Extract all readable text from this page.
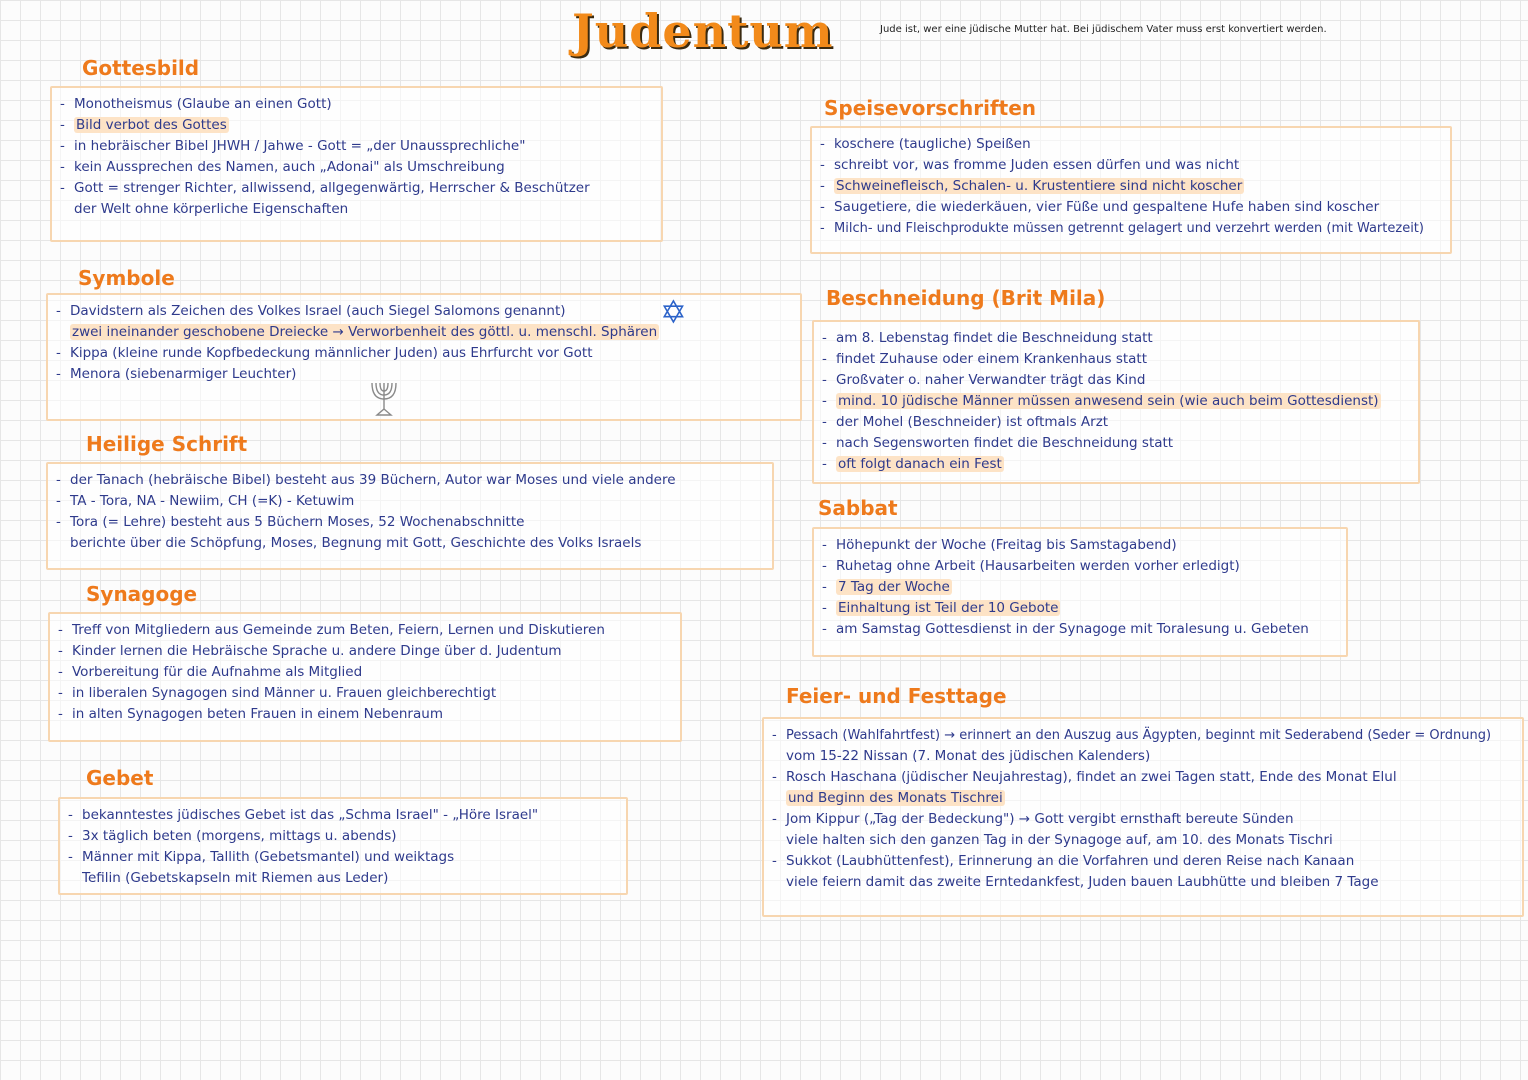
Judentum	Jude ist, wer eine jüdische Mutter hat. Bei jüdischem Vater muss erst konvertiert werden.
Gottesbild
- Monotheismus (Glaube an einen Gott)
- Bild verbot des Gottes
- in hebräischer Bibel JHWH / Jahwe - Gott = „der Unaussprechliche"
- kein Aussprechen des Namen, auch „Adonai" als Umschreibung
- Gott = strenger Richter, allwissend, allgegenwärtig, Herrscher & Beschützer
der Welt ohne körperliche Eigenschaften
Symbole
- Davidstern als Zeichen des Volkes Israel (auch Siegel Salomons genannt)
zwei ineinander geschobene Dreiecke → Verworbenheit des göttl. u. menschl. Sphären
- Kippa (kleine runde Kopfbedeckung männlicher Juden) aus Ehrfurcht vor Gott
- Menora (siebenarmiger Leuchter)
✡
Heilige Schrift
- der Tanach (hebräische Bibel) besteht aus 39 Büchern, Autor war Moses und viele andere
- TA - Tora, NA - Newiim, CH (=K) - Ketuwim
- Tora (= Lehre) besteht aus 5 Büchern Moses, 52 Wochenabschnitte
berichte über die Schöpfung, Moses, Begnung mit Gott, Geschichte des Volks Israels
Synagoge
- Treff von Mitgliedern aus Gemeinde zum Beten, Feiern, Lernen und Diskutieren
- Kinder lernen die Hebräische Sprache u. andere Dinge über d. Judentum
- Vorbereitung für die Aufnahme als Mitglied
- in liberalen Synagogen sind Männer u. Frauen gleichberechtigt
- in alten Synagogen beten Frauen in einem Nebenraum
Gebet
- bekanntestes jüdisches Gebet ist das „Schma Israel" - „Höre Israel"
- 3x täglich beten (morgens, mittags u. abends)
- Männer mit Kippa, Tallith (Gebetsmantel) und weiktags
Tefilin (Gebetskapseln mit Riemen aus Leder)
Speisevorschriften
- koschere (taugliche) Speißen
- schreibt vor, was fromme Juden essen dürfen und was nicht
- Schweinefleisch, Schalen- u. Krustentiere sind nicht koscher
- Saugetiere, die wiederkäuen, vier Füße und gespaltene Hufe haben sind koscher
- Milch- und Fleischprodukte müssen getrennt gelagert und verzehrt werden (mit Wartezeit)
Beschneidung (Brit Mila)
- am 8. Lebenstag findet die Beschneidung statt
- findet Zuhause oder einem Krankenhaus statt
- Großvater o. naher Verwandter trägt das Kind
- mind. 10 jüdische Männer müssen anwesend sein (wie auch beim Gottesdienst)
- der Mohel (Beschneider) ist oftmals Arzt
- nach Segensworten findet die Beschneidung statt
- oft folgt danach ein Fest
Sabbat
- Höhepunkt der Woche (Freitag bis Samstagabend)
- Ruhetag ohne Arbeit (Hausarbeiten werden vorher erledigt)
- 7 Tag der Woche
- Einhaltung ist Teil der 10 Gebote
- am Samstag Gottesdienst in der Synagoge mit Toralesung u. Gebeten
Feier- und Festtage
- Pessach (Wahlfahrtfest) → erinnert an den Auszug aus Ägypten, beginnt mit Sederabend (Seder = Ordnung)
vom 15-22 Nissan (7. Monat des jüdischen Kalenders)
- Rosch Haschana (jüdischer Neujahrestag), findet an zwei Tagen statt, Ende des Monat Elul
und Beginn des Monats Tischrei
- Jom Kippur („Tag der Bedeckung") → Gott vergibt ernsthaft bereute Sünden
viele halten sich den ganzen Tag in der Synagoge auf, am 10. des Monats Tischri
- Sukkot (Laubhüttenfest), Erinnerung an die Vorfahren und deren Reise nach Kanaan
viele feiern damit das zweite Erntedankfest, Juden bauen Laubhütte und bleiben 7 Tage
